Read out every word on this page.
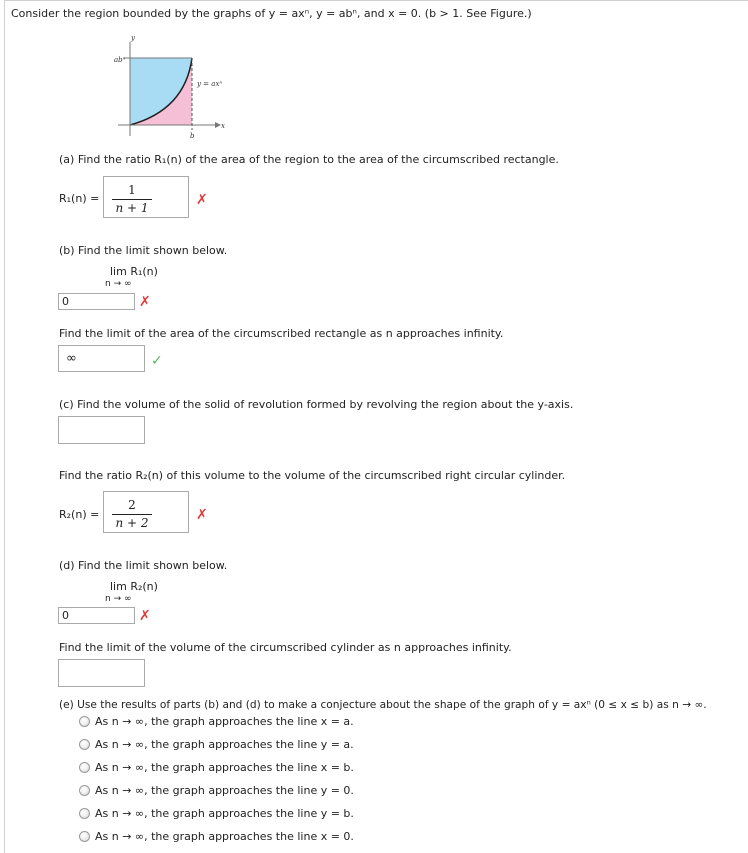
Consider the region bounded by the graphs of y = axⁿ, y = abⁿ, and x = 0. (b > 1. See Figure.)
y
x
abⁿ
y = axⁿ
b
(a) Find the ratio R₁(n) of the area of the region to the area of the circumscribed rectangle.
R₁(n) =
1
n + 1	✗
(b) Find the limit shown below.
lim R₁(n)
n → ∞
0	✗
Find the limit of the area of the circumscribed rectangle as n approaches infinity.
∞	✓
(c) Find the volume of the solid of revolution formed by revolving the region about the y-axis.
Find the ratio R₂(n) of this volume to the volume of the circumscribed right circular cylinder.
R₂(n) =
2
n + 2	✗
(d) Find the limit shown below.
lim R₂(n)
n → ∞
0	✗
Find the limit of the volume of the circumscribed cylinder as n approaches infinity.
(e) Use the results of parts (b) and (d) to make a conjecture about the shape of the graph of y = axⁿ (0 ≤ x ≤ b) as n → ∞.
As n → ∞, the graph approaches the line x = a.
As n → ∞, the graph approaches the line y = a.
As n → ∞, the graph approaches the line x = b.
As n → ∞, the graph approaches the line y = 0.
As n → ∞, the graph approaches the line y = b.
As n → ∞, the graph approaches the line x = 0.
